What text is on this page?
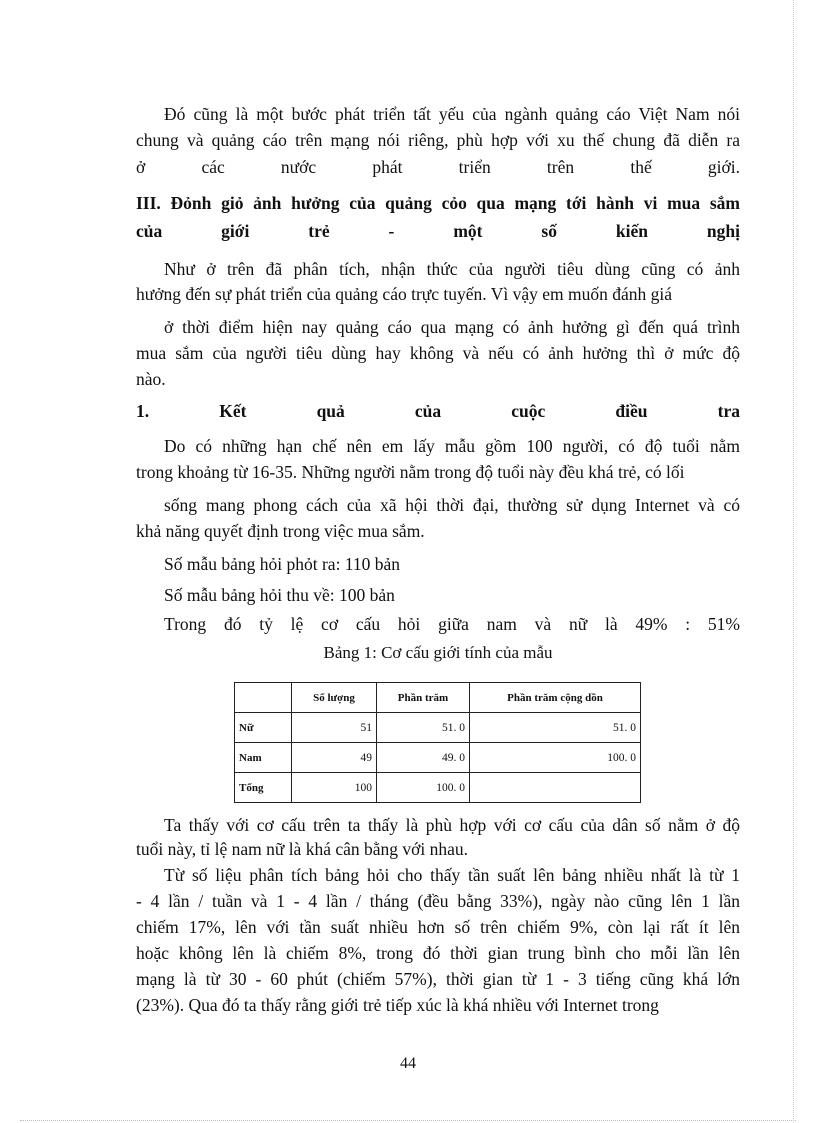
Đó cũng là một bước phát triển tất yếu của ngành quảng cáo Việt Nam nói

chung và quảng cáo trên mạng nói riêng, phù hợp với xu thế chung đã diễn ra

ở các nước phát triển trên thế giới.

III. Đỏnh giỏ ảnh hưởng của quảng cỏo qua mạng tới hành vi mua sắm

của giới trẻ - một số kiến nghị

Như ở trên đã phân tích, nhận thức của người tiêu dùng cũng có ảnh

hưởng đến sự phát triển của quảng cáo trực tuyến. Vì vậy em muốn đánh giá

ở thời điểm hiện nay quảng cáo qua mạng có ảnh hưởng gì đến quá trình

mua sắm của người tiêu dùng hay không và nếu có ảnh hưởng thì ở mức độ

nào.

1. Kết quả của cuộc điều tra

Do có những hạn chế nên em lấy mẫu gồm 100 người, có độ tuổi nằm

trong khoảng từ 16-35. Những người nằm trong độ tuổi này đều khá trẻ, có lối

sống mang phong cách của xã hội thời đại, thường sử dụng Internet và có

khả năng quyết định trong việc mua sắm.

Số mẫu bảng hỏi phỏt ra: 110 bản

Số mẫu bảng hỏi thu về: 100 bản

Trong đó tỷ lệ cơ cấu hỏi giữa nam và nữ là 49% : 51%

Bảng 1: Cơ cấu giới tính của mẫu
	Số lượng	Phần trăm	Phần trăm cộng dồn
Nữ	51	51. 0	51. 0
Nam	49	49. 0	100. 0
Tổng	100	100. 0	

Ta thấy với cơ cấu trên ta thấy là phù hợp với cơ cấu của dân số nằm ở độ

tuổi này, tỉ lệ nam nữ là khá cân bằng với nhau.

Từ số liệu phân tích bảng hỏi cho thấy tần suất lên bảng nhiều nhất là từ 1

- 4 lần / tuần và 1 - 4 lần / tháng (đều bằng 33%), ngày nào cũng lên 1 lần

chiếm 17%, lên với tần suất nhiều hơn số trên chiếm 9%, còn lại rất ít lên

hoặc không lên là chiếm 8%, trong đó thời gian trung bình cho mỗi lần lên

mạng là từ 30 - 60 phút (chiếm 57%), thời gian từ 1 - 3 tiếng cũng khá lớn

(23%). Qua đó ta thấy rằng giới trẻ tiếp xúc là khá nhiều với Internet trong

44
